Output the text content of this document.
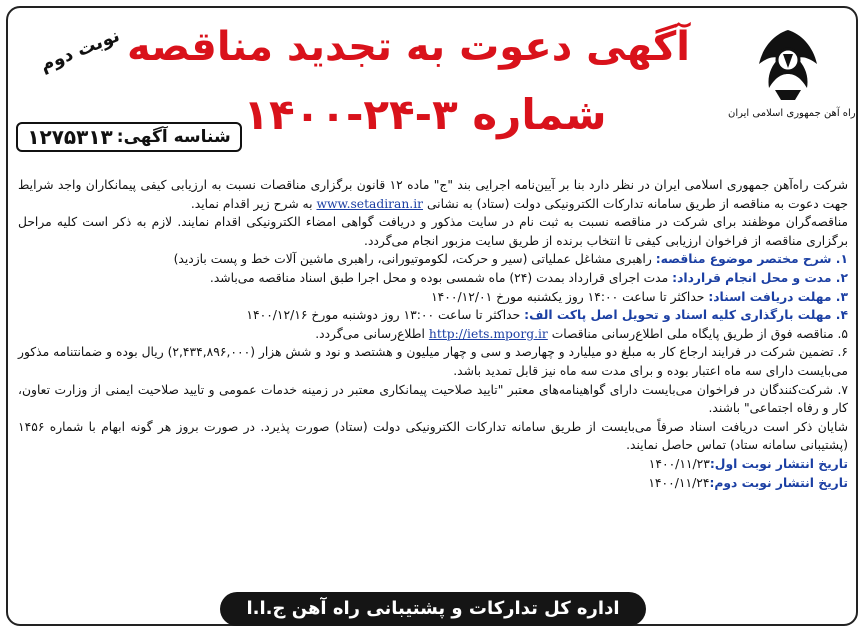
راه آهن جمهوری اسلامی ایران
آگهی دعوت به تجدید مناقصه
شماره ۳-۲۴-۱۴۰۰
نوبت دوم
شناسه آگهی:
۱۲۷۵۳۱۳

شرکت راه‌آهن جمهوری اسلامی ایران در نظر دارد بنا بر آیین‌نامه اجرایی بند "ج" ماده ۱۲ قانون برگزاری مناقصات نسبت به ارزیابی کیفی پیمانکاران واجد شرایط جهت دعوت به مناقصه از طریق سامانه تدارکات الکترونیکی دولت (ستاد) به نشانی www.setadiran.ir به شرح زیر اقدام نماید.

مناقصه‌گران موظفند برای شرکت در مناقصه نسبت به ثبت نام در سایت مذکور و دریافت گواهی امضاء الکترونیکی اقدام نمایند. لازم به ذکر است کلیه مراحل برگزاری مناقصه از فراخوان ارزیابی کیفی تا انتخاب برنده از طریق سایت مزبور انجام می‌گردد.

۱. شرح مختصر موضوع مناقصه: راهبری مشاغل عملیاتی (سیر و حرکت، لکوموتیورانی، راهبری ماشین آلات خط و پست بازدید)

۲. مدت و محل انجام قرارداد: مدت اجرای قرارداد بمدت (۲۴) ماه شمسی بوده و محل اجرا طبق اسناد مناقصه می‌باشد.

۳. مهلت دریافت اسناد: حداکثر تا ساعت ۱۴:۰۰ روز یکشنبه مورخ ۱۴۰۰/۱۲/۰۱

۴. مهلت بارگذاری کلیه اسناد و تحویل اصل پاکت الف: حداکثر تا ساعت ۱۳:۰۰ روز دوشنبه مورخ ۱۴۰۰/۱۲/۱۶

۵. مناقصه فوق از طریق پایگاه ملی اطلاع‌رسانی مناقصات http://iets.mporg.ir اطلاع‌رسانی می‌گردد.

۶. تضمین شرکت در فرایند ارجاع کار به مبلغ دو میلیارد و چهارصد و سی و چهار میلیون و هشتصد و نود و شش هزار (۲,۴۳۴,۸۹۶,۰۰۰) ریال بوده و ضمانتنامه مذکور می‌بایست دارای سه ماه اعتبار بوده و برای مدت سه ماه نیز قابل تمدید باشد.

۷. شرکت‌کنندگان در فراخوان می‌بایست دارای گواهینامه‌های معتبر "تایید صلاحیت پیمانکاری معتبر در زمینه خدمات عمومی و تایید صلاحیت ایمنی از وزارت تعاون، کار و رفاه اجتماعی" باشند.

شایان ذکر است دریافت اسناد صرفاً می‌بایست از طریق سامانه تدارکات الکترونیکی دولت (ستاد) صورت پذیرد. در صورت بروز هر گونه ابهام با شماره ۱۴۵۶ (پشتیبانی سامانه ستاد) تماس حاصل نمایند.

تاریخ انتشار نوبت اول:۱۴۰۰/۱۱/۲۳

تاریخ انتشار نوبت دوم:۱۴۰۰/۱۱/۲۴

اداره کل تدارکات و پشتیبانی راه آهن ج.ا.ا
